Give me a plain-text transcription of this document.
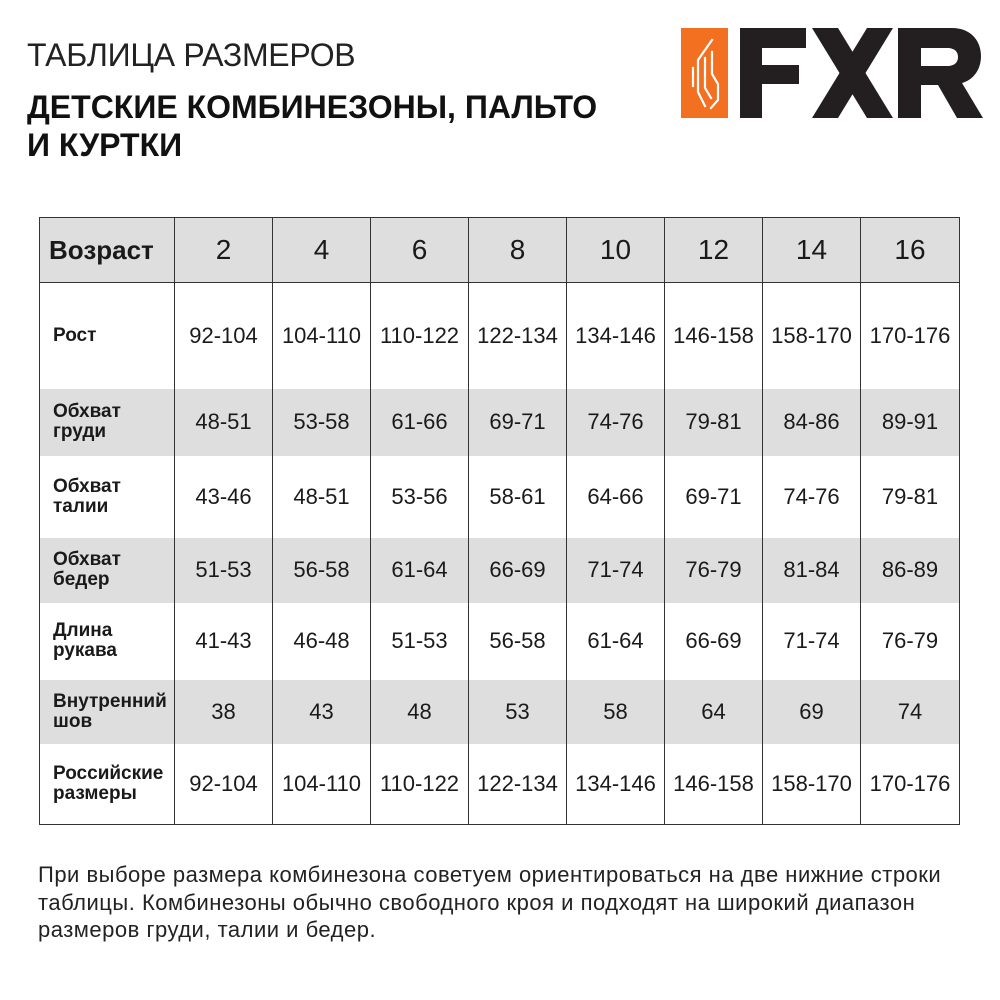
ТАБЛИЦА РАЗМЕРОВ
ДЕТСКИЕ КОМБИНЕЗОНЫ, ПАЛЬТО
И КУРТКИ
Возраст	2	4	6	8	10	12	14	16
Рост	92-104	104-110	110-122	122-134	134-146	146-158	158-170	170-176
Обхват груди	48-51	53-58	61-66	69-71	74-76	79-81	84-86	89-91
Обхват талии	43-46	48-51	53-56	58-61	64-66	69-71	74-76	79-81
Обхват бедер	51-53	56-58	61-64	66-69	71-74	76-79	81-84	86-89
Длина рукава	41-43	46-48	51-53	56-58	61-64	66-69	71-74	76-79
Внутренний шов	38	43	48	53	58	64	69	74
Российские размеры	92-104	104-110	110-122	122-134	134-146	146-158	158-170	170-176
При выборе размера комбинезона советуем ориентироваться на две нижние строки
таблицы. Комбинезоны обычно свободного кроя и подходят на широкий диапазон
размеров груди, талии и бедер.
